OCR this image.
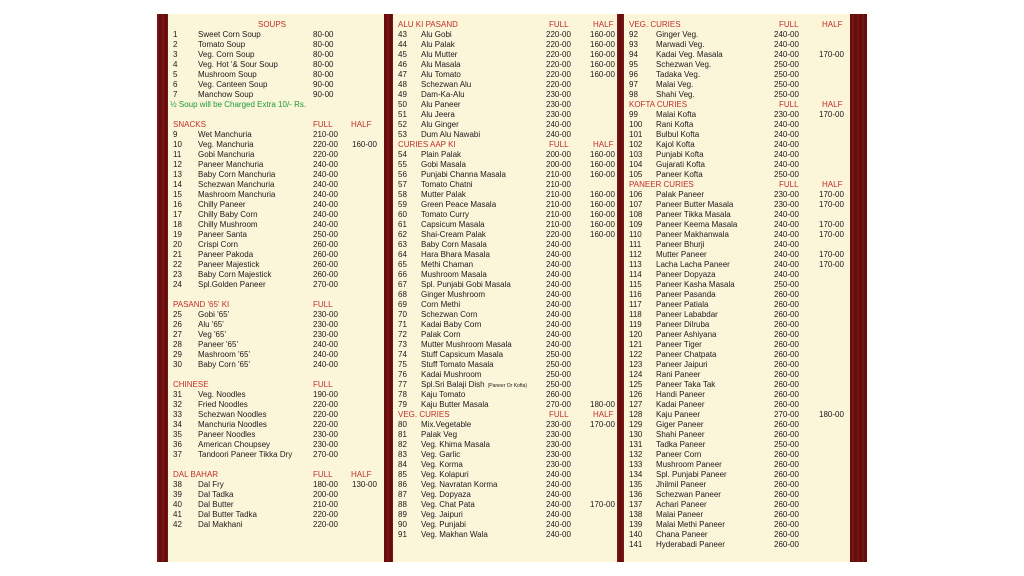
SOUPS
1	Sweet Corn Soup	80-00
2	Tomato Soup	80-00
3	Veg. Corn Soup	80-00
4	Veg. Hot '& Sour Soup	80-00
5	Mushroom Soup	80-00
6	Veg. Canteen Soup	90-00
7	Manchow Soup	90-00
½ Soup will be Charged Extra 10/- Rs.
SNACKS	FULL HALF
9	Wet Manchuria	210-00
10 Veg. Manchuria	220-00 160-00
11 Gobi Manchuria	220-00
12 Paneer Manchuria	240-00
13 Baby Corn Manchuria	240-00
14 Schezwan Manchuria	240-00
15 Mashroom Manchuria	240-00
16 Chilly Paneer	240-00
17 Chilly Baby Corn	240-00
18 Chilly Mushroom	240-00
19 Paneer Santa	250-00
20 Crispi Corn	260-00
21 Paneer Pakoda	260-00
22 Paneer Majestick	260-00
23 Baby Corn Majestick	260-00
24 Spl.Golden Paneer	270-00
PASAND '65' KI	FULL
25 Gobi '65'	230-00
26 Alu '65'	230-00
27 Veg '65'	230-00
28 Paneer '65'	240-00
29 Mashroom '65'	240-00
30 Baby Corn '65'	240-00
CHINESE	FULL
31 Veg. Noodles	190-00
32 Fried Noodles	220-00
33 Schezwan Noodles	220-00
34 Manchuria Noodles	220-00
35 Paneer Noodles	230-00
36 American Choupsey	230-00
37 Tandoori Paneer Tikka Dry	270-00
DAL BAHAR	FULL HALF
38 Dal Fry	180-00 130-00
39 Dal Tadka	200-00
40 Dal Butter	210-00
41 Dal Butter Tadka	220-00
42 Dal Makhani	220-00
ALU KI PASAND	FULL	HALF
43 Alu Gobi	220-00 160-00
44 Alu Palak	220-00 160-00
45 Alu Mutter	220-00 160-00
46 Alu Masala	220-00 160-00
47 Alu Tomato	220-00 160-00
48 Schezwan Alu	220-00
49 Dam-Ka-Alu	230-00
50 Alu Paneer	230-00
51 Alu Jeera	230-00
52 Alu Ginger	240-00
53 Dum Alu Nawabi	240-00
CURIES AAP KI	FULL	HALF
54 Plain Palak	200-00 160-00
55 Gobi Masala	200-00 160-00
56 Punjabi Channa Masala	210-00 160-00
57 Tomato Chatni	210-00
58 Mutter Palak	210-00 160-00
59 Green Peace Masala	210-00 160-00
60 Tomato Curry	210-00 160-00
61 Capsicum Masala	210-00 160-00
62 Shai-Cream Palak	220-00 160-00
63 Baby Corn Masala	240-00
64 Hara Bhara Masala	240-00
65 Methi Chaman	240-00
66 Mushroom Masala	240-00
67 Spl. Punjabi Gobi Masala	240-00
68 Ginger Mushroom	240-00
69 Corn Methi	240-00
70 Schezwan Corn	240-00
71 Kadai Baby Corn	240-00
72 Palak Corn	240-00
73 Mutter Mushroom Masala	240-00
74 Stuff Capsicum Masala	250-00
75 Stuff Tomato Masala	250-00
76 Kadai Mushroom	250-00
77 Spl.Sri Balaji Dish (Paneer Or Kofta) 250-00
78 Kaju Tomato	260-00
79 Kaju Butter Masala	270-00 180-00
VEG. CURIES	FULL	HALF
80 Mix.Vegetable	230-00 170-00
81 Palak Veg	230-00
82 Veg. Khima Masala	230-00
83 Veg. Garlic	230-00
84 Veg. Korma	230-00
85 Veg. Kolapuri	240-00
86 Veg. Navratan Korma	240-00
87 Veg. Dopyaza	240-00
88 Veg. Chat Pata	240-00 170-00
89 Veg. Jaipuri	240-00
90 Veg. Punjabi	240-00
91 Veg. Makhan Wala	240-00
VEG. CURIES	FULL	HALF
92 Ginger Veg.	240-00
93 Marwadi Veg.	240-00
94 Kadai Veg. Masala	240-00	170-00
95 Schezwan Veg.	250-00
96 Tadaka Veg.	250-00
97 Malai Veg.	250-00
98 Shahi Veg.	250-00
KOFTA CURIES	FULL	HALF
99 Malai Kofta	230-00	170-00
100 Rani Kofta	240-00
101 Bulbul Kofta	240-00
102 Kajol Kofta	240-00
103 Punjabi Kofta	240-00
104 Gujarati Kofta	240-00
105 Paneer Kofta	250-00
PANEER CURIES	FULL	HALF
106 Palak Paneer	230-00	170-00
107 Paneer Butter Masala	230-00	170-00
108 Paneer Tikka Masala	240-00
109 Paneer Keema Masala	240-00	170-00
110 Paneer Makhanwala	240-00	170-00
111 Paneer Bhurji	240-00
112 Mutter Paneer	240-00	170-00
113 Lacha Lacha Paneer	240-00	170-00
114 Paneer Dopyaza	240-00
115 Paneer Kasha Masala	250-00
116 Paneer Pasanda	260-00
117 Paneer Patiala	260-00
118 Paneer Lababdar	260-00
119 Paneer Dilruba	260-00
120 Paneer Ashiyana	260-00
121 Paneer Tiger	260-00
122 Paneer Chatpata	260-00
123 Paneer Jaipuri	260-00
124 Rani Paneer	260-00
125 Paneer Taka Tak	260-00
126 Handi Paneer	260-00
127 Kadai Paneer	260-00
128 Kaju Paneer	270-00	180-00
129 Giger Paneer	260-00
130 Shahi Paneer	260-00
131 Tadka Paneer	250-00
132 Paneer Corn	260-00
133 Mushroom Paneer	260-00
134 Spl. Punjabi Paneer	260-00
135 Jhilmil Paneer	260-00
136 Schezwan Paneer	260-00
137 Achari Paneer	260-00
138 Malai Paneer	260-00
139 Malai Methi Paneer	260-00
140 Chana Paneer	260-00
141 Hyderabadi Paneer	260-00
